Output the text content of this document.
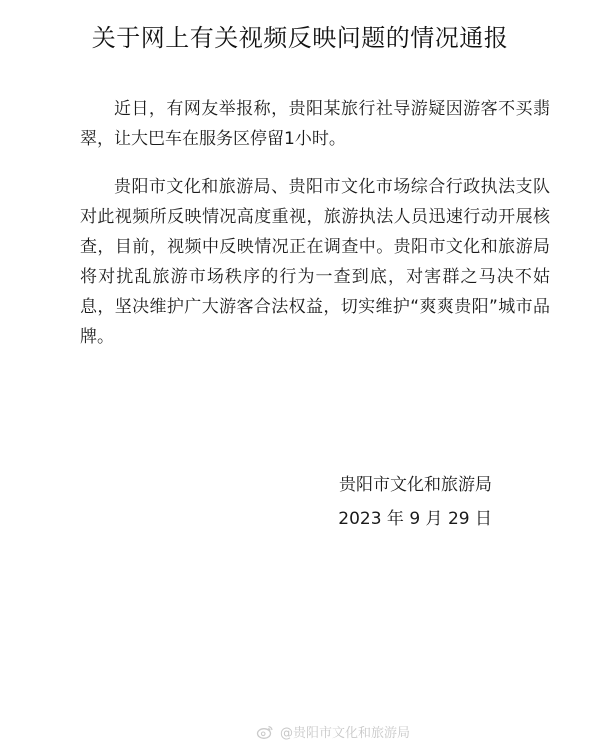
关于网上有关视频反映问题的情况通报

近日，有网友举报称，贵阳某旅行社导游疑因游客不买翡翠，让大巴车在服务区停留1小时。

贵阳市文化和旅游局、贵阳市文化市场综合行政执法支队对此视频所反映情况高度重视，旅游执法人员迅速行动开展核查，目前，视频中反映情况正在调查中。贵阳市文化和旅游局将对扰乱旅游市场秩序的行为一查到底，对害群之马决不姑息，坚决维护广大游客合法权益，切实维护“爽爽贵阳”城市品牌。

贵阳市文化和旅游局
2023 年 9 月 29 日
@贵阳市文化和旅游局
